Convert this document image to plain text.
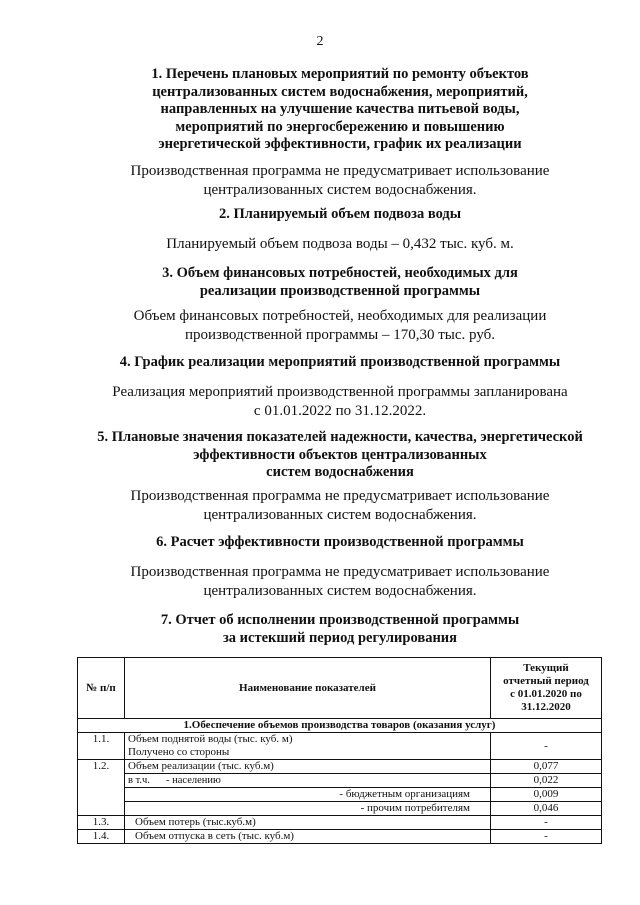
2
1. Перечень плановых мероприятий по ремонту объектов
централизованных систем водоснабжения, мероприятий,
направленных на улучшение качества питьевой воды,
мероприятий по энергосбережению и повышению
энергетической эффективности, график их реализации
Производственная программа не предусматривает использование
централизованных систем водоснабжения.
2. Планируемый объем подвоза воды
Планируемый объем подвоза воды – 0,432 тыс. куб. м.
3. Объем финансовых потребностей, необходимых для
реализации производственной программы
Объем финансовых потребностей, необходимых для реализации
производственной программы – 170,30 тыс. руб.
4. График реализации мероприятий производственной программы
Реализация мероприятий производственной программы запланирована
с 01.01.2022 по 31.12.2022.
5. Плановые значения показателей надежности, качества, энергетической
эффективности объектов централизованных
систем водоснабжения
Производственная программа не предусматривает использование
централизованных систем водоснабжения.
6. Расчет эффективности производственной программы
Производственная программа не предусматривает использование
централизованных систем водоснабжения.
7. Отчет об исполнении производственной программы
за истекший период регулирования
№ п/п	Наименование показателей	Текущий
отчетный период
с 01.01.2020 по
31.12.2020

1.Обеспечение объемов производства товаров (оказания услуг)		
1.1.	Объем поднятой воды (тыс. куб. м)
Получено со стороны	-
1.2.	Объем реализации (тыс. куб.м)	0,077

	в т.ч. - населению	0,022
	- бюджетным организациям	0,009
	- прочим потребителям	0,046
1.3.	Объем потерь (тыс.куб.м)	-
1.4.	Объем отпуска в сеть (тыс. куб.м)	-
